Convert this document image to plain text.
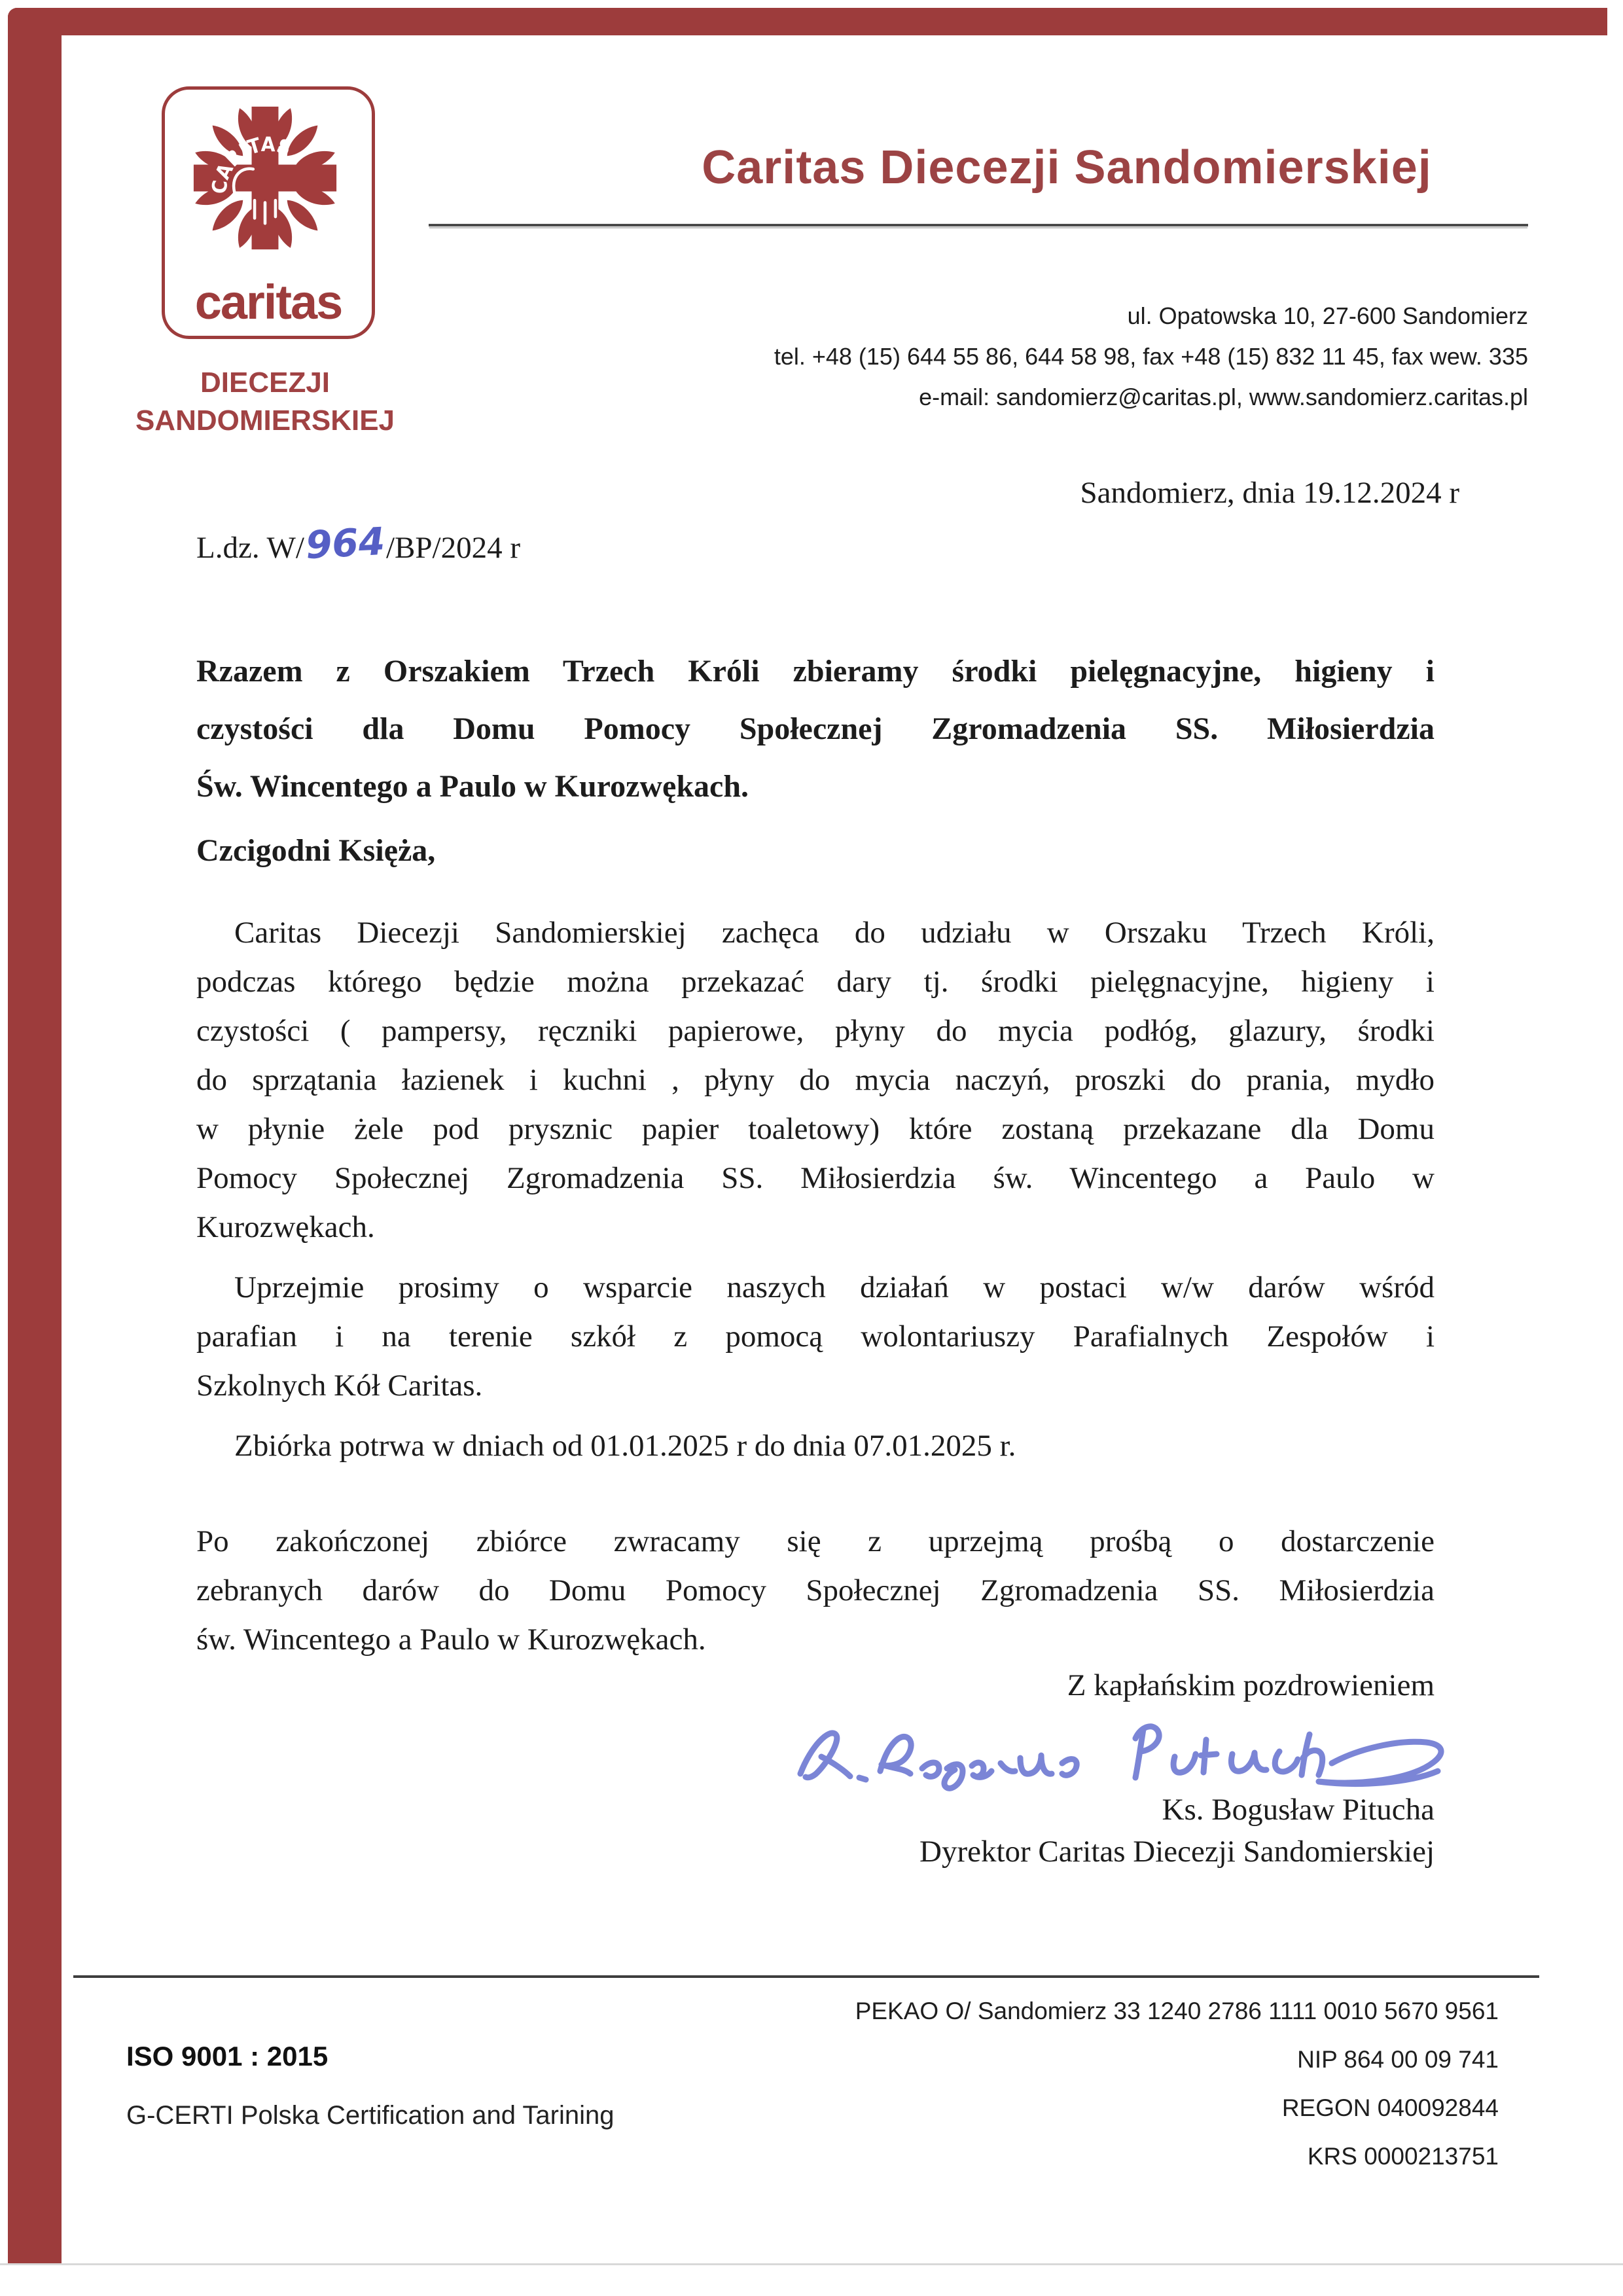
CARITAS
caritas
DIECEZJI
SANDOMIERSKIEJ
Caritas Diecezji Sandomierskiej
ul. Opatowska 10, 27-600 Sandomierz
tel. +48 (15) 644 55 86, 644 58 98, fax +48 (15) 832 11 45, fax wew. 335
e-mail: sandomierz@caritas.pl, www.sandomierz.caritas.pl
Sandomierz, dnia 19.12.2024 r
L.dz. W/964/BP/2024 r
Rzazem z Orszakiem Trzech Króli zbieramy środki pielęgnacyjne, higieny i
czystości dla Domu Pomocy Społecznej Zgromadzenia SS. Miłosierdzia
Św. Wincentego a Paulo w Kurozwękach.
Czcigodni Księża,
Caritas Diecezji Sandomierskiej zachęca do udziału w Orszaku Trzech Króli,
podczas którego będzie można przekazać dary tj. środki pielęgnacyjne, higieny i
czystości ( pampersy, ręczniki papierowe, płyny do mycia podłóg, glazury, środki
do sprzątania łazienek i kuchni , płyny do mycia naczyń, proszki do prania, mydło
w płynie żele pod prysznic papier toaletowy) które zostaną przekazane dla Domu
Pomocy Społecznej Zgromadzenia SS. Miłosierdzia św. Wincentego a Paulo w
Kurozwękach.
Uprzejmie prosimy o wsparcie naszych działań w postaci w/w darów wśród
parafian i na terenie szkół z pomocą wolontariuszy Parafialnych Zespołów i
Szkolnych Kół Caritas.
Zbiórka potrwa w dniach od 01.01.2025 r do dnia 07.01.2025 r.
Po zakończonej zbiórce zwracamy się z uprzejmą prośbą o dostarczenie
zebranych darów do Domu Pomocy Społecznej Zgromadzenia SS. Miłosierdzia
św. Wincentego a Paulo w Kurozwękach.
Z kapłańskim pozdrowieniem
Ks. Bogusław Pitucha
Dyrektor Caritas Diecezji Sandomierskiej
PEKAO O/ Sandomierz 33 1240 2786 1111 0010 5670 9561
ISO 9001 : 2015	NIP 864 00 09 741
G-CERTI Polska Certification and Tarining	REGON 040092844
KRS 0000213751
